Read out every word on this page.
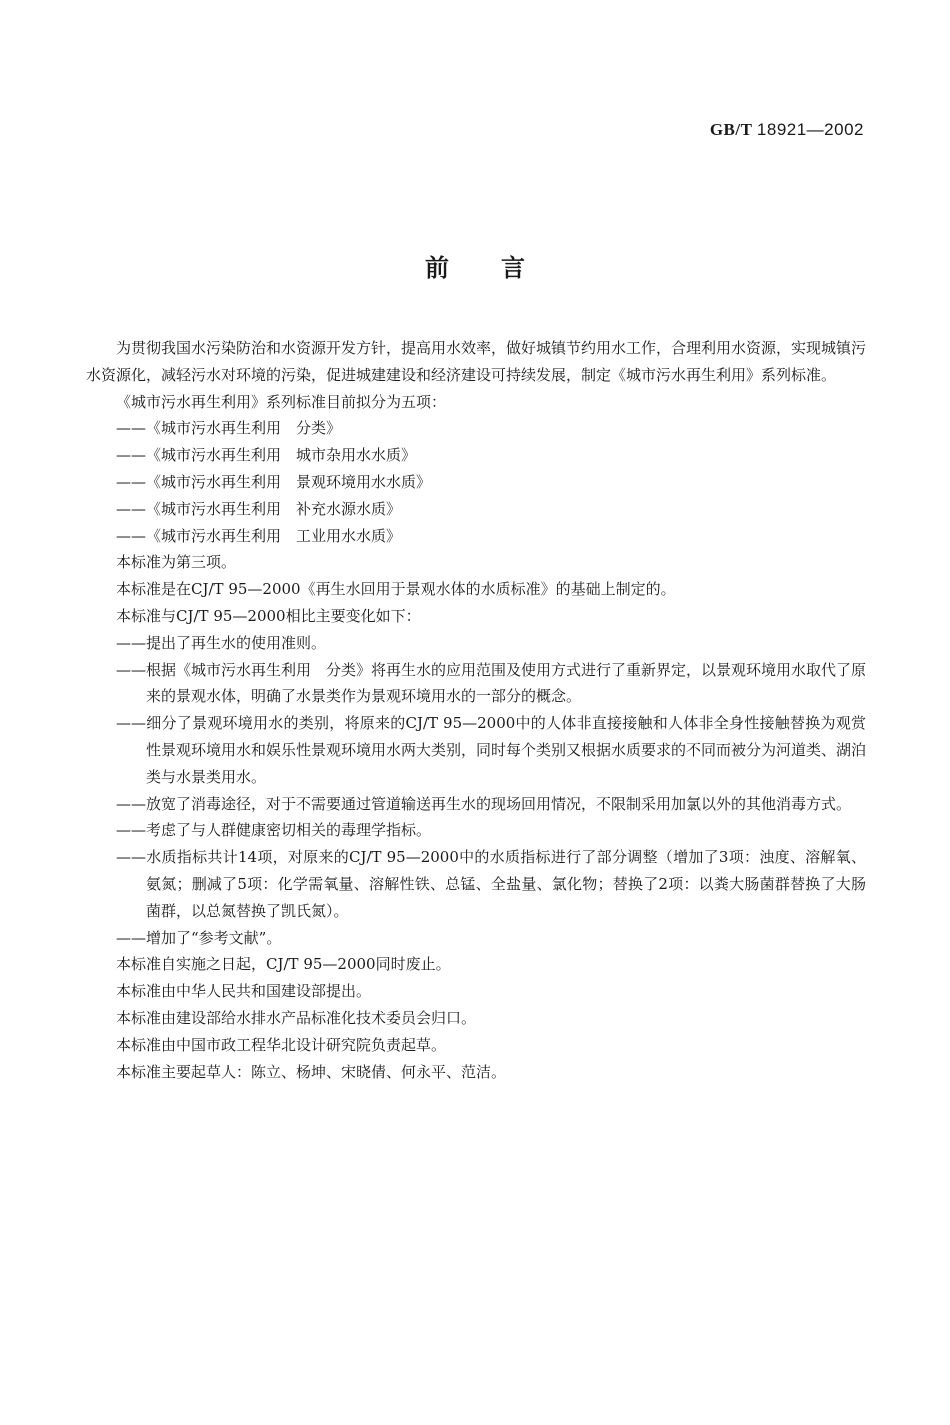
GB/T 18921—2002
前言

为贯彻我国水污染防治和水资源开发方针，提高用水效率，做好城镇节约用水工作，合理利用水资源，实现城镇污水资源化，减轻污水对环境的污染，促进城建建设和经济建设可持续发展，制定《城市污水再生利用》系列标准。

《城市污水再生利用》系列标准目前拟分为五项：

——《城市污水再生利用　分类》

——《城市污水再生利用　城市杂用水水质》

——《城市污水再生利用　景观环境用水水质》

——《城市污水再生利用　补充水源水质》

——《城市污水再生利用　工业用水水质》

本标准为第三项。

本标准是在CJ/T 95—2000《再生水回用于景观水体的水质标准》的基础上制定的。

本标准与CJ/T 95—2000相比主要变化如下：

——提出了再生水的使用准则。

——根据《城市污水再生利用　分类》将再生水的应用范围及使用方式进行了重新界定，以景观环境用水取代了原来的景观水体，明确了水景类作为景观环境用水的一部分的概念。

——细分了景观环境用水的类别，将原来的CJ/T 95—2000中的人体非直接接触和人体非全身性接触替换为观赏性景观环境用水和娱乐性景观环境用水两大类别，同时每个类别又根据水质要求的不同而被分为河道类、湖泊类与水景类用水。

——放宽了消毒途径，对于不需要通过管道输送再生水的现场回用情况，不限制采用加氯以外的其他消毒方式。

——考虑了与人群健康密切相关的毒理学指标。

——水质指标共计14项，对原来的CJ/T 95—2000中的水质指标进行了部分调整（增加了3项：浊度、溶解氧、氨氮；删减了5项：化学需氧量、溶解性铁、总锰、全盐量、氯化物；替换了2项：以粪大肠菌群替换了大肠菌群，以总氮替换了凯氏氮）。

——增加了“参考文献”。

本标准自实施之日起，CJ/T 95—2000同时废止。

本标准由中华人民共和国建设部提出。

本标准由建设部给水排水产品标准化技术委员会归口。

本标准由中国市政工程华北设计研究院负责起草。

本标准主要起草人：陈立、杨坤、宋晓倩、何永平、范洁。
